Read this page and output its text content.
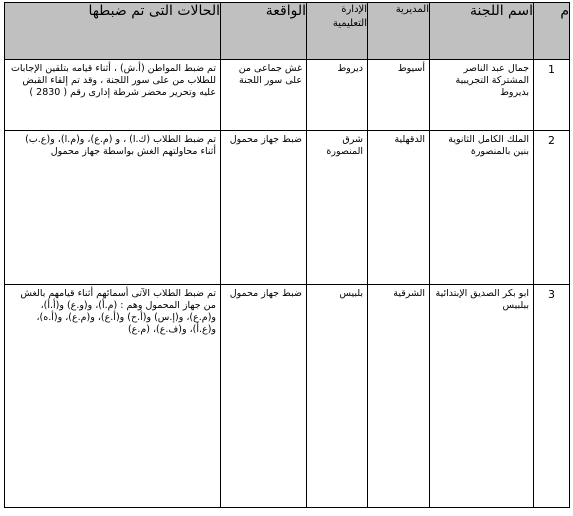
م	اسم اللجنة	المديرية	الإدارة التعليمية	الواقعة	الحالات التى تم ضبطها

1	جمال عبد الناصر المشتركة التجريبية بديروط	أسيوط	ديروط	غش جماعى من على سور اللجنة	تم ضبط المواطن (أ.ش) ، أثناء قيامه بتلقين الإجابات للطلاب من على سور اللجنة ، وقد تم إلقاء القبض عليه وتحرير محضر شرطة إدارى رقم ( 2830 )

2	الملك الكامل الثانوية بنين بالمنصورة	الدقهلية	شرق المنصورة	ضبط جهاز محمول	تم ضبط الطلاب (ك.ا) ، و (م.ع)، و(م.ا)، و(ع.ب) أثناء محاولتهم الغش بواسطة جهاز محمول

3	ابو بكر الصديق الإبتدائية ببلبيس	الشرقية	بلبيس	ضبط جهاز محمول	تم ضبط الطلاب الآتى أسمائهم أثناء قيامهم بالغش من جهاز المحمول وهم : (م.أ)، و(و.ع) و(أ.أ)، و(م.ع)، و(إ.س) و(أ.ح) و(أ.ع)، و(م.ع)، و(أ.ه)، و(ع.أ)، و(ف.ع)، (م.ع)
